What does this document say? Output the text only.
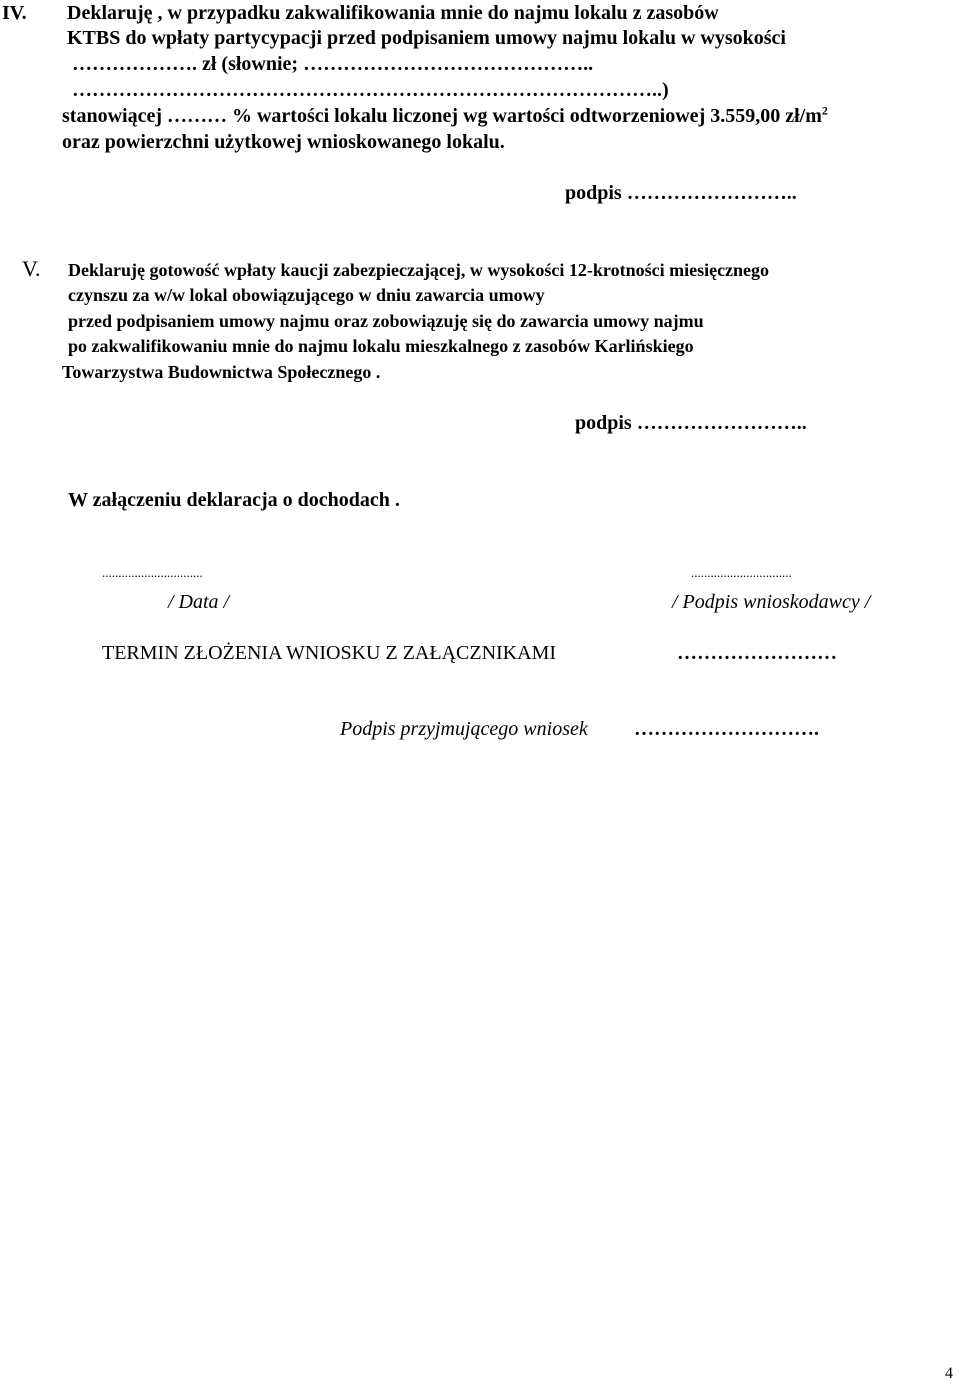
IV. Deklaruję , w przypadku zakwalifikowania mnie do najmu lokalu z zasobów

KTBS do wpłaty partycypacji przed podpisaniem umowy najmu lokalu w wysokości

………………. zł (słownie; ……………………………………..

……………………………………………………………………………..)

stanowiącej ……… % wartości lokalu liczonej wg wartości odtworzeniowej 3.559,00 $zł/m^2$

oraz powierzchni użytkowej wnioskowanego lokalu.

podpis ……………………..

V. Deklaruję gotowość wpłaty kaucji zabezpieczającej, w wysokości 12-krotności miesięcznego

czynszu za w/w lokal obowiązującego w dniu zawarcia umowy

przed podpisaniem umowy najmu oraz zobowiązuję się do zawarcia umowy najmu

po zakwalifikowaniu mnie do najmu lokalu mieszkalnego z zasobów Karlińskiego

Towarzystwa Budownictwa Społecznego .

podpis ……………………..

W załączeniu deklaracja o dochodach .

...............................

/ Data /

...............................

/ Podpis wnioskodawcy /

TERMIN ZŁOŻENIA WNIOSKU Z ZAŁĄCZNIKAMI	……………………

Podpis przyjmującego wniosek ……………………….

4
